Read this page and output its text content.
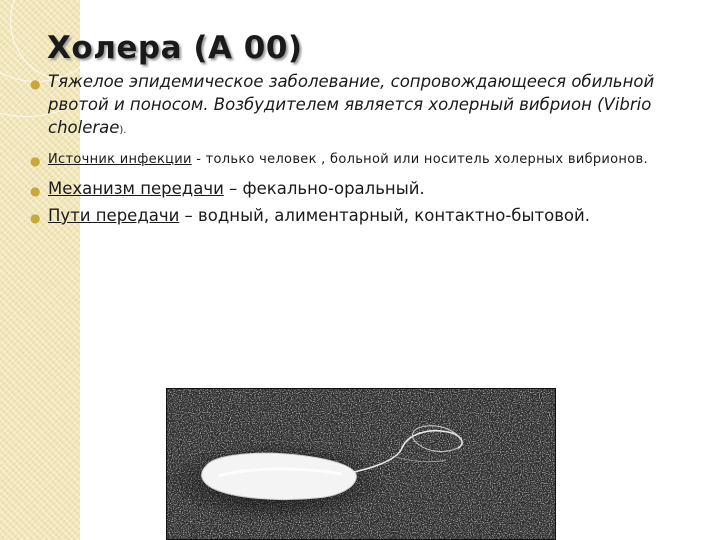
Холера (А 00)
● Тяжелое эпидемическое заболевание, сопровождающееся обильной рвотой и поносом. Возбудителем является холерный вибрион (Vibrio cholerae).
● Источник инфекции - только человек , больной или носитель холерных вибрионов.
● Механизм передачи – фекально-оральный.
● Пути передачи – водный, алиментарный, контактно-бытовой.
